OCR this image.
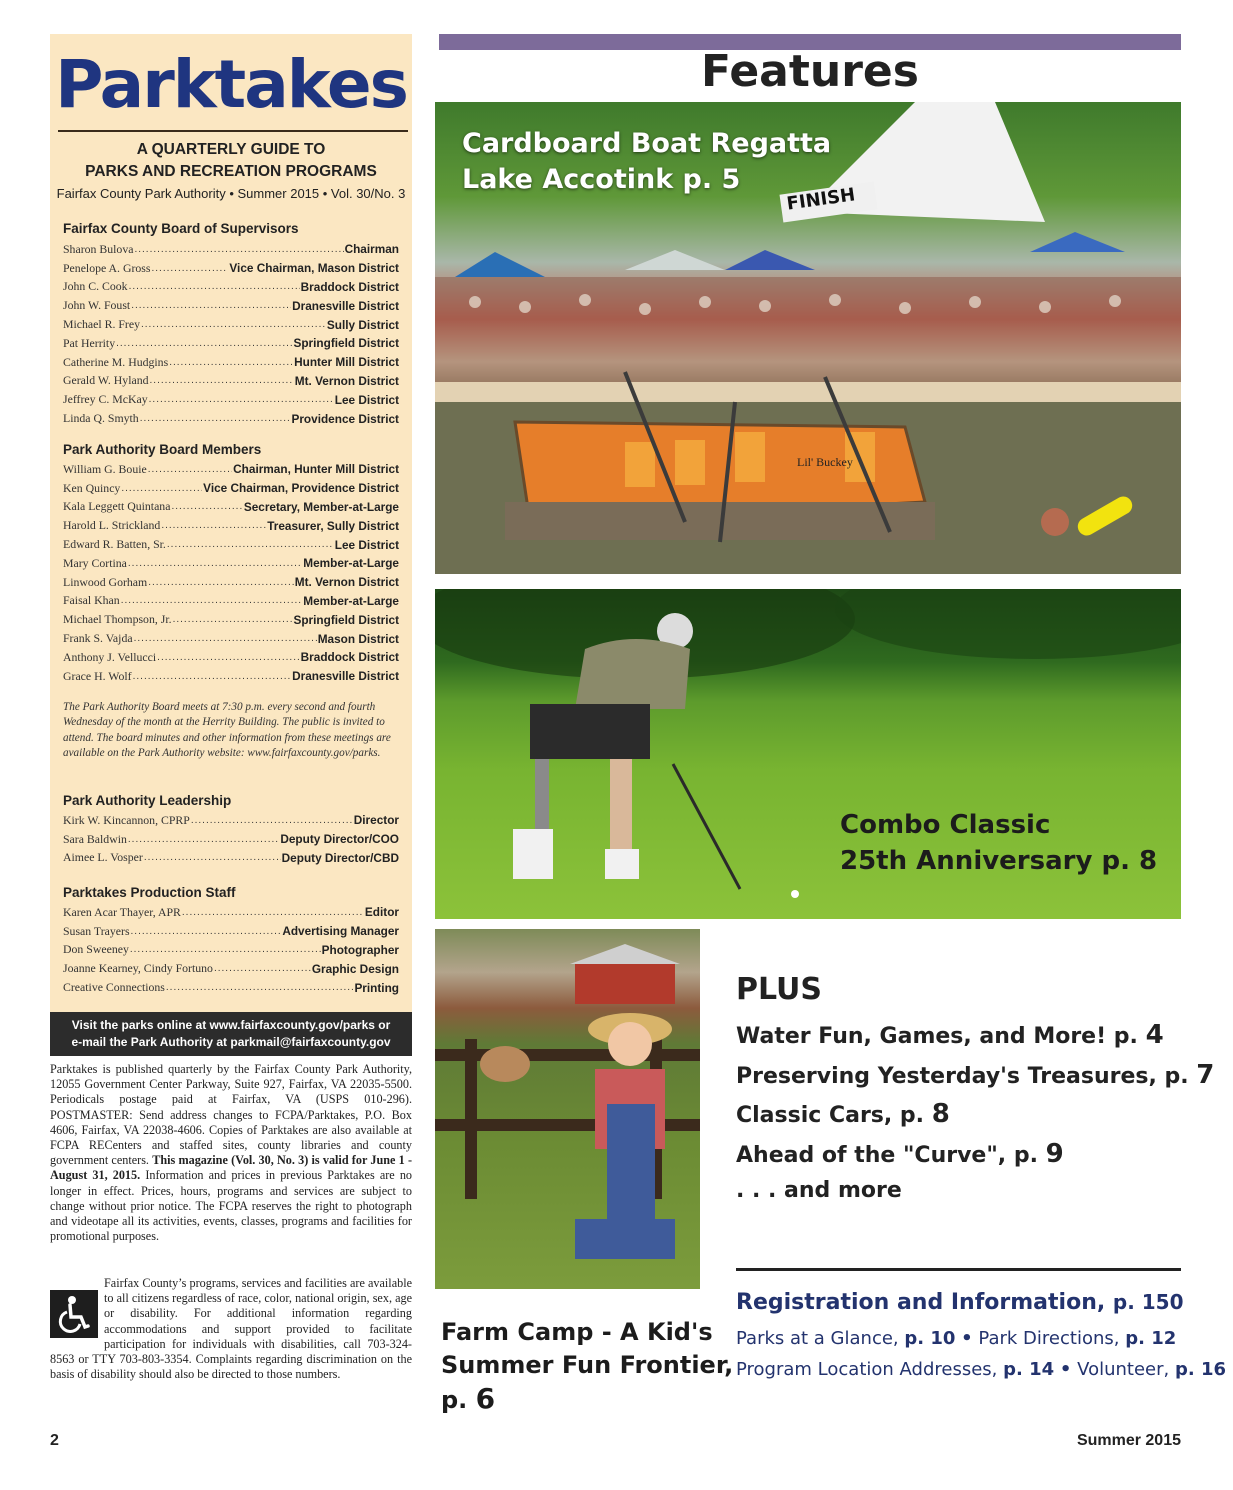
Parktakes
A QUARTERLY GUIDE TO
PARKS AND RECREATION PROGRAMS
Fairfax County Park Authority • Summer 2015 • Vol. 30/No. 3
Fairfax County Board of Supervisors
Sharon Bulova .....	Chairman
Penelope A. Gross .....	Vice Chairman, Mason District
John C. Cook .....	Braddock District
John W. Foust .....	Dranesville District
Michael R. Frey .....	Sully District
Pat Herrity .....	Springfield District
Catherine M. Hudgins .....	Hunter Mill District
Gerald W. Hyland .....	Mt. Vernon District
Jeffrey C. McKay .....	Lee District
Linda Q. Smyth .....	Providence District
Park Authority Board Members
William G. Bouie .....	Chairman, Hunter Mill District
Ken Quincy .....	Vice Chairman, Providence District
Kala Leggett Quintana .....	Secretary, Member-at-Large
Harold L. Strickland .....	Treasurer, Sully District
Edward R. Batten, Sr. .....	Lee District
Mary Cortina .....	Member-at-Large
Linwood Gorham .....	Mt. Vernon District
Faisal Khan .....	Member-at-Large
Michael Thompson, Jr. .....	Springfield District
Frank S. Vajda .....	Mason District
Anthony J. Vellucci .....	Braddock District
Grace H. Wolf .....	Dranesville District
The Park Authority Board meets at 7:30 p.m. every second and fourth Wednesday of the month at the Herrity Building. The public is invited to attend. The board minutes and other information from these meetings are available on the Park Authority website: www.fairfaxcounty.gov/parks.
Park Authority Leadership
Kirk W. Kincannon, CPRP .....	Director
Sara Baldwin .....	Deputy Director/COO
Aimee L. Vosper .....	Deputy Director/CBD
Parktakes Production Staff
Karen Acar Thayer, APR .....	Editor
Susan Trayers .....	Advertising Manager
Don Sweeney .....	Photographer
Joanne Kearney, Cindy Fortuno .....	Graphic Design
Creative Connections .....	Printing
Visit the parks online at www.fairfaxcounty.gov/parks or
e-mail the Park Authority at parkmail@fairfaxcounty.gov
Parktakes is published quarterly by the Fairfax County Park Authority, 12055 Government Center Parkway, Suite 927, Fairfax, VA 22035-5500. Periodicals postage paid at Fairfax, VA (USPS 010-296). POSTMASTER: Send address changes to FCPA/Parktakes, P.O. Box 4606, Fairfax, VA 22038-4606. Copies of Parktakes are also available at FCPA RECenters and staffed sites, county libraries and county government centers. This magazine (Vol. 30, No. 3) is valid for June 1 - August 31, 2015. Information and prices in previous Parktakes are no longer in effect. Prices, hours, programs and services are subject to change without prior notice. The FCPA reserves the right to photograph and videotape all its activities, events, classes, programs and facilities for promotional purposes.
Fairfax County’s programs, services and facilities are available to all citizens regardless of race, color, national origin, sex, age or disability. For additional information regarding accommodations and support provided to facilitate participation for individuals with disabilities, call 703-324-8563 or TTY 703-803-3354. Complaints regarding discrimination on the basis of disability should also be directed to those numbers.
2	Summer 2015
Features
FINISH
Lil' Buckey
Cardboard Boat Regatta
Lake Accotink p. 5
Combo Classic
25th Anniversary p. 8
Farm Camp - A Kid's
Summer Fun Frontier,
p. 6
PLUS
Water Fun, Games, and More! p. 4
Preserving Yesterday's Treasures, p. 7
Classic Cars, p. 8
Ahead of the "Curve", p. 9
. . . and more
Registration and Information, p. 150
Parks at a Glance, p. 10 • Park Directions, p. 12
Program Location Addresses, p. 14 • Volunteer, p. 16
